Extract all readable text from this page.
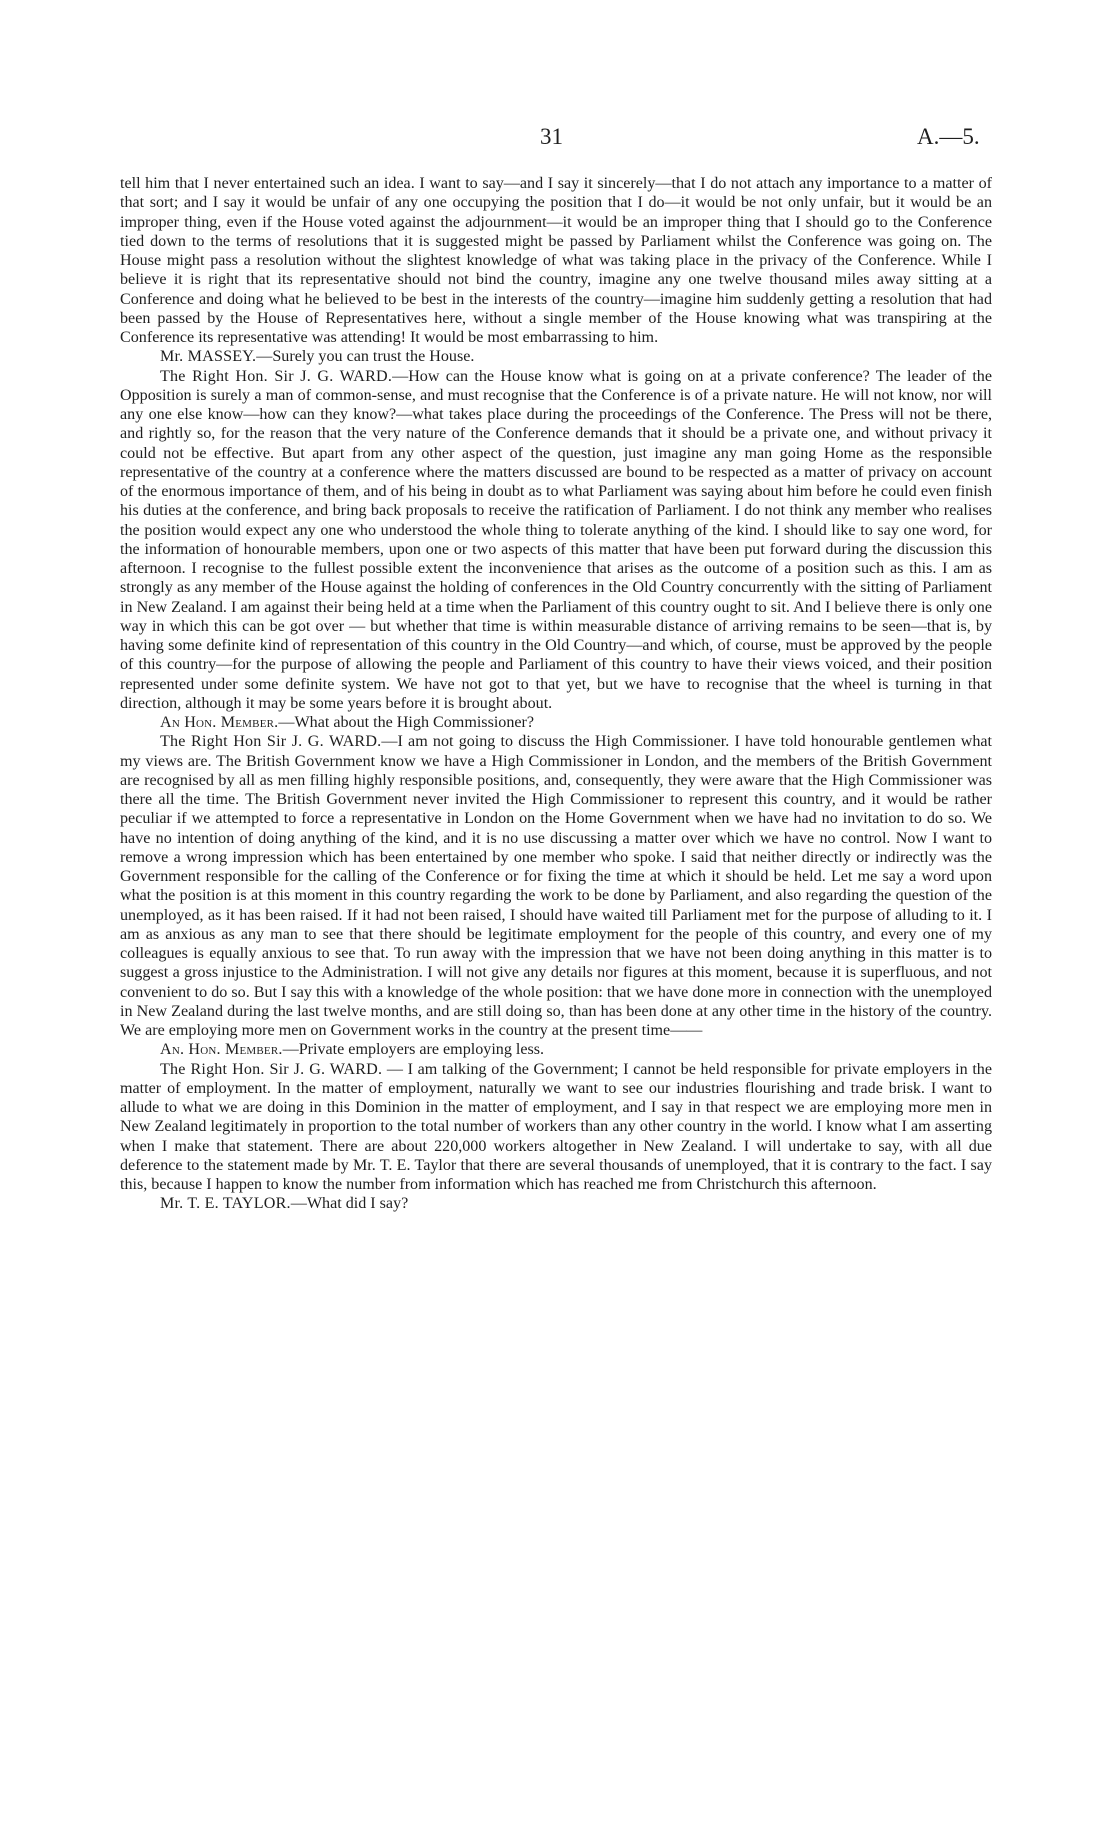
31	A.—5.

tell him that I never entertained such an idea. I want to say—and I say it sincerely—that I do not attach any importance to a matter of that sort; and I say it would be unfair of any one occupying the position that I do—it would be not only unfair, but it would be an improper thing, even if the House voted against the adjournment—it would be an improper thing that I should go to the Conference tied down to the terms of resolutions that it is suggested might be passed by Parliament whilst the Conference was going on. The House might pass a resolution without the slightest knowledge of what was taking place in the privacy of the Conference. While I believe it is right that its representative should not bind the country, imagine any one twelve thousand miles away sitting at a Conference and doing what he believed to be best in the interests of the country—imagine him suddenly getting a resolution that had been passed by the House of Representatives here, without a single member of the House knowing what was transpiring at the Conference its representative was attending! It would be most embarrassing to him.

Mr. MASSEY.—Surely you can trust the House.

The Right Hon. Sir J. G. WARD.—How can the House know what is going on at a private conference? The leader of the Opposition is surely a man of common-sense, and must recognise that the Conference is of a private nature. He will not know, nor will any one else know—how can they know?—what takes place during the proceedings of the Conference. The Press will not be there, and rightly so, for the reason that the very nature of the Conference demands that it should be a private one, and without privacy it could not be effective. But apart from any other aspect of the question, just imagine any man going Home as the responsible representative of the country at a conference where the matters discussed are bound to be respected as a matter of privacy on account of the enormous importance of them, and of his being in doubt as to what Parliament was saying about him before he could even finish his duties at the conference, and bring back proposals to receive the ratification of Parliament. I do not think any member who realises the position would expect any one who understood the whole thing to tolerate anything of the kind. I should like to say one word, for the information of honourable members, upon one or two aspects of this matter that have been put forward during the discussion this afternoon. I recognise to the fullest possible extent the inconvenience that arises as the outcome of a position such as this. I am as strongly as any member of the House against the holding of conferences in the Old Country concurrently with the sitting of Parliament in New Zealand. I am against their being held at a time when the Parliament of this country ought to sit. And I believe there is only one way in which this can be got over — but whether that time is within measurable distance of arriving remains to be seen—that is, by having some definite kind of representation of this country in the Old Country—and which, of course, must be approved by the people of this country—for the purpose of allowing the people and Parliament of this country to have their views voiced, and their position represented under some definite system. We have not got to that yet, but we have to recognise that the wheel is turning in that direction, although it may be some years before it is brought about.

An Hon. Member.—What about the High Commissioner?

The Right Hon Sir J. G. WARD.—I am not going to discuss the High Commissioner. I have told honourable gentlemen what my views are. The British Government know we have a High Commissioner in London, and the members of the British Government are recognised by all as men filling highly responsible positions, and, consequently, they were aware that the High Commissioner was there all the time. The British Government never invited the High Commissioner to represent this country, and it would be rather peculiar if we attempted to force a representative in London on the Home Government when we have had no invitation to do so. We have no intention of doing anything of the kind, and it is no use discussing a matter over which we have no control. Now I want to remove a wrong impression which has been entertained by one member who spoke. I said that neither directly or indirectly was the Government responsible for the calling of the Conference or for fixing the time at which it should be held. Let me say a word upon what the position is at this moment in this country regarding the work to be done by Parliament, and also regarding the question of the unemployed, as it has been raised. If it had not been raised, I should have waited till Parliament met for the purpose of alluding to it. I am as anxious as any man to see that there should be legitimate employment for the people of this country, and every one of my colleagues is equally anxious to see that. To run away with the impression that we have not been doing anything in this matter is to suggest a gross injustice to the Administration. I will not give any details nor figures at this moment, because it is superfluous, and not convenient to do so. But I say this with a knowledge of the whole position: that we have done more in connection with the unemployed in New Zealand during the last twelve months, and are still doing so, than has been done at any other time in the history of the country. We are employing more men on Government works in the country at the present time——

An. Hon. Member.—Private employers are employing less.

The Right Hon. Sir J. G. WARD. — I am talking of the Government; I cannot be held responsible for private employers in the matter of employment. In the matter of employment, naturally we want to see our industries flourishing and trade brisk. I want to allude to what we are doing in this Dominion in the matter of employment, and I say in that respect we are employing more men in New Zealand legitimately in proportion to the total number of workers than any other country in the world. I know what I am asserting when I make that statement. There are about 220,000 workers altogether in New Zealand. I will undertake to say, with all due deference to the statement made by Mr. T. E. Taylor that there are several thousands of unemployed, that it is contrary to the fact. I say this, because I happen to know the number from information which has reached me from Christchurch this afternoon.

Mr. T. E. TAYLOR.—What did I say?
